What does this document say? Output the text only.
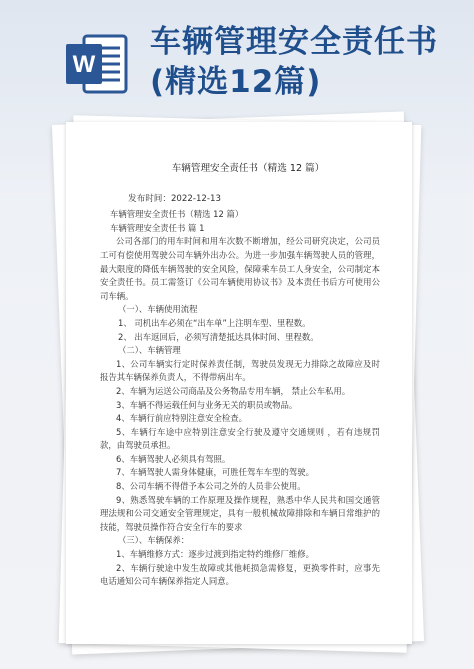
W
车辆管理安全责任书(精选12篇)
车辆管理安全责任书（精选 12 篇）
发布时间：2022-12-13
车辆管理安全责任书（精选 12 篇）
车辆管理安全责任书 篇 1
公司各部门的用车时间和用车次数不断增加，经公司研究决定，公司员工可有偿使用驾驶公司车辆外出办公。为进一步加强车辆驾驶人员的管理，最大限度的降低车辆驾驶的安全风险，保障乘车员工人身安全，公司制定本安全责任书。员工需签订《公司车辆使用协议书》及本责任书后方可使用公司车辆。
（一）、车辆使用流程
1、 司机出车必须在“出车单”上注明车型、里程数。
2、 出车返回后，必须写清楚抵达具体时间、里程数。
（二）、车辆管理
1、公司车辆实行定时保养责任制，驾驶员发现无力排除之故障应及时报告其车辆保养负责人，不得带病出车。
2、车辆为运送公司商品及公务物品专用车辆， 禁止公车私用。
3、车辆不得运载任何与业务无关的职员或物品。
4、车辆行前应特别注意安全检查。
5、车辆行车途中应特别注意安全行驶及遵守交通规则 ，若有违规罚款，由驾驶员承担。
6、车辆驾驶人必须具有驾照。
7、车辆驾驶人需身体健康，可胜任驾车车型的驾驶。
8、公司车辆不得借予本公司之外的人员非公使用。
9、熟悉驾驶车辆的工作原理及操作规程，熟悉中华人民共和国交通管理法规和公司交通安全管理规定，具有一般机械故障排除和车辆日常维护的技能，驾驶员操作符合安全行车的要求
（三）、车辆保养：
1、车辆维修方式：逐步过渡到指定特约维修厂维修。
2、车辆行驶途中发生故障或其他耗损急需修复，更换零件时，应事先电话通知公司车辆保养指定人同意。
